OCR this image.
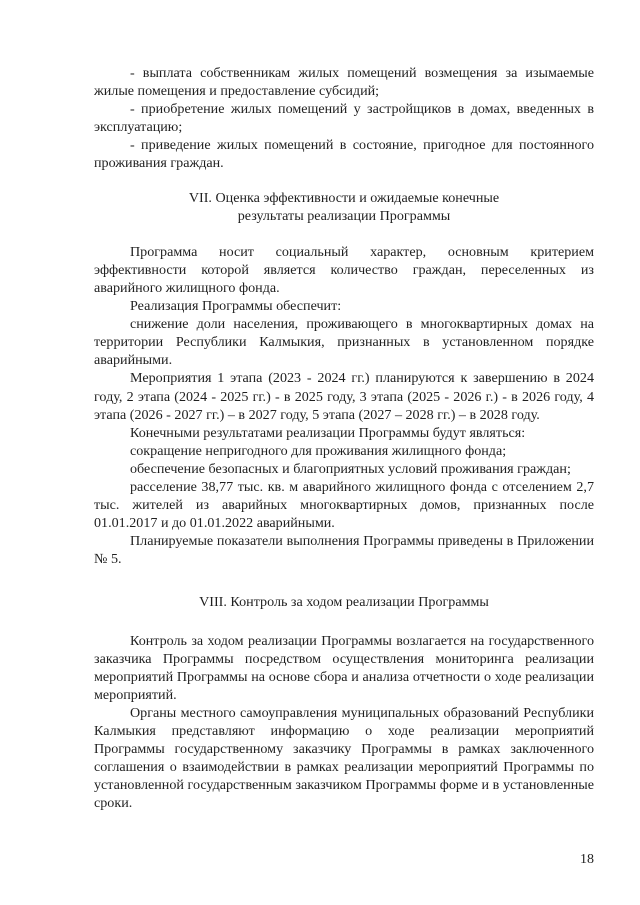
- выплата собственникам жилых помещений возмещения за изымаемые жилые помещения и предоставление субсидий;

- приобретение жилых помещений у застройщиков в домах, введенных в эксплуатацию;

- приведение жилых помещений в состояние, пригодное для постоянного проживания граждан.

VII. Оценка эффективности и ожидаемые конечные
результаты реализации Программы

Программа носит социальный характер, основным критерием эффективности которой является количество граждан, переселенных из аварийного жилищного фонда.

Реализация Программы обеспечит:

снижение доли населения, проживающего в многоквартирных домах на территории Республики Калмыкия, признанных в установленном порядке аварийными.

Мероприятия 1 этапа (2023 - 2024 гг.) планируются к завершению в 2024 году, 2 этапа (2024 - 2025 гг.) - в 2025 году, 3 этапа (2025 - 2026 г.) - в 2026 году, 4 этапа (2026 - 2027 гг.) – в 2027 году, 5 этапа (2027 – 2028 гг.) – в 2028 году.

Конечными результатами реализации Программы будут являться:

сокращение непригодного для проживания жилищного фонда;

обеспечение безопасных и благоприятных условий проживания граждан;

расселение 38,77 тыс. кв. м аварийного жилищного фонда с отселением 2,7 тыс. жителей из аварийных многоквартирных домов, признанных после 01.01.2017 и до 01.01.2022 аварийными.

Планируемые показатели выполнения Программы приведены в Приложении № 5.

VIII. Контроль за ходом реализации Программы

Контроль за ходом реализации Программы возлагается на государственного заказчика Программы посредством осуществления мониторинга реализации мероприятий Программы на основе сбора и анализа отчетности о ходе реализации мероприятий.

Органы местного самоуправления муниципальных образований Республики Калмыкия представляют информацию о ходе реализации мероприятий Программы государственному заказчику Программы в рамках заключенного соглашения о взаимодействии в рамках реализации мероприятий Программы по установленной государственным заказчиком Программы форме и в установленные сроки.

18
